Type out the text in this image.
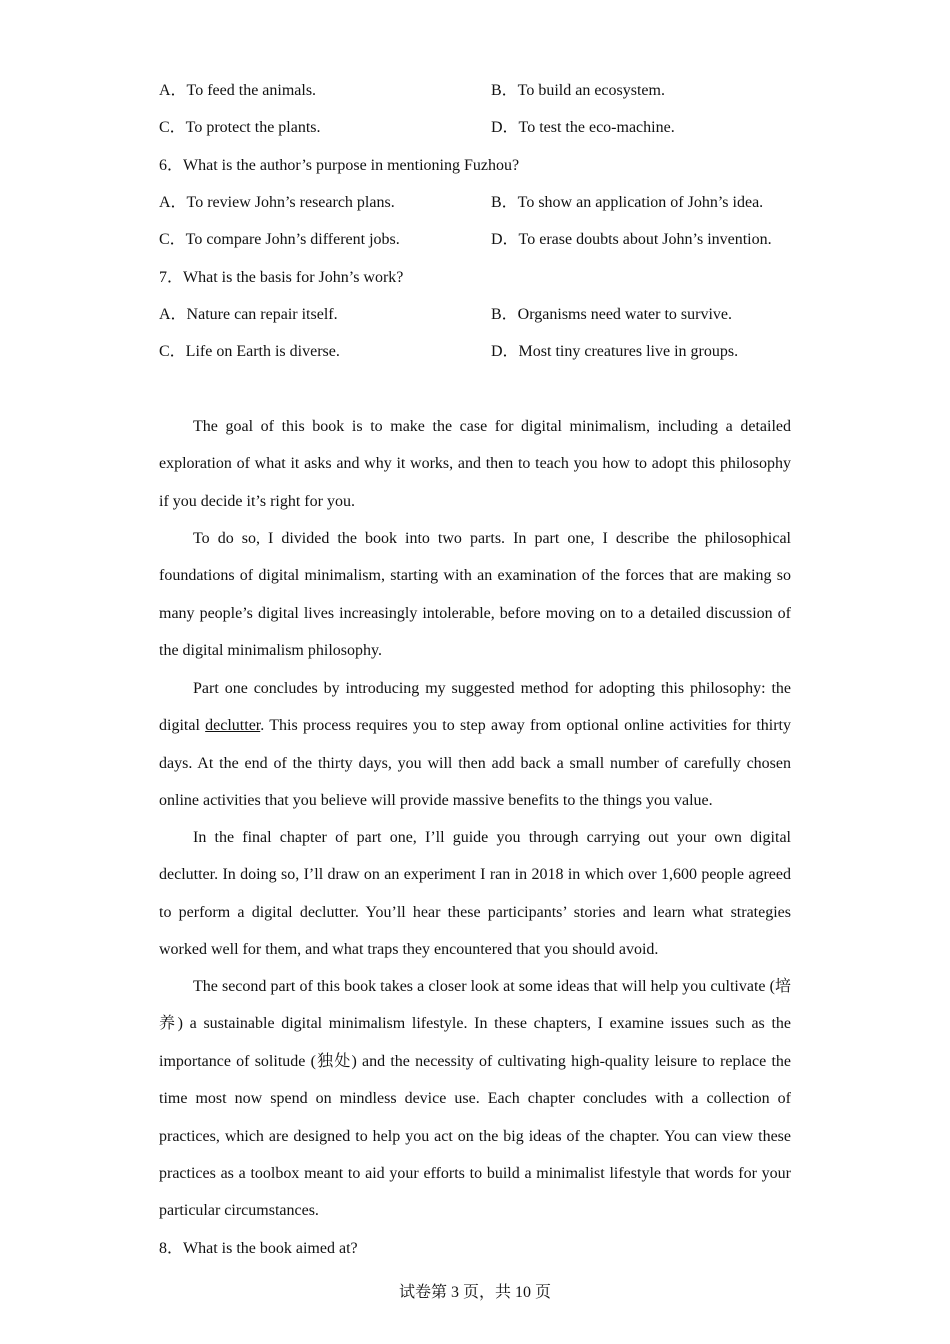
A．To feed the animals.	B．To build an ecosystem.
C．To protect the plants.	D．To test the eco-machine.
6．What is the author’s purpose in mentioning Fuzhou?
A．To review John’s research plans.	B．To show an application of John’s idea.
C．To compare John’s different jobs.	D．To erase doubts about John’s invention.
7．What is the basis for John’s work?
A．Nature can repair itself.	B．Organisms need water to survive.
C．Life on Earth is diverse.	D．Most tiny creatures live in groups.

The goal of this book is to make the case for digital minimalism, including a detailed exploration of what it asks and why it works, and then to teach you how to adopt this philosophy if you decide it’s right for you.

To do so, I divided the book into two parts. In part one, I describe the philosophical foundations of digital minimalism, starting with an examination of the forces that are making so many people’s digital lives increasingly intolerable, before moving on to a detailed discussion of the digital minimalism philosophy.

Part one concludes by introducing my suggested method for adopting this philosophy: the digital declutter. This process requires you to step away from optional online activities for thirty days. At the end of the thirty days, you will then add back a small number of carefully chosen online activities that you believe will provide massive benefits to the things you value.

In the final chapter of part one, I’ll guide you through carrying out your own digital declutter. In doing so, I’ll draw on an experiment I ran in 2018 in which over 1,600 people agreed to perform a digital declutter. You’ll hear these participants’ stories and learn what strategies worked well for them, and what traps they encountered that you should avoid.

The second part of this book takes a closer look at some ideas that will help you cultivate (培养) a sustainable digital minimalism lifestyle. In these chapters, I examine issues such as the importance of solitude (独处) and the necessity of cultivating high-quality leisure to replace the time most now spend on mindless device use. Each chapter concludes with a collection of practices, which are designed to help you act on the big ideas of the chapter. You can view these practices as a toolbox meant to aid your efforts to build a minimalist lifestyle that words for your particular circumstances.

8．What is the book aimed at?
试卷第 3 页，共 10 页
